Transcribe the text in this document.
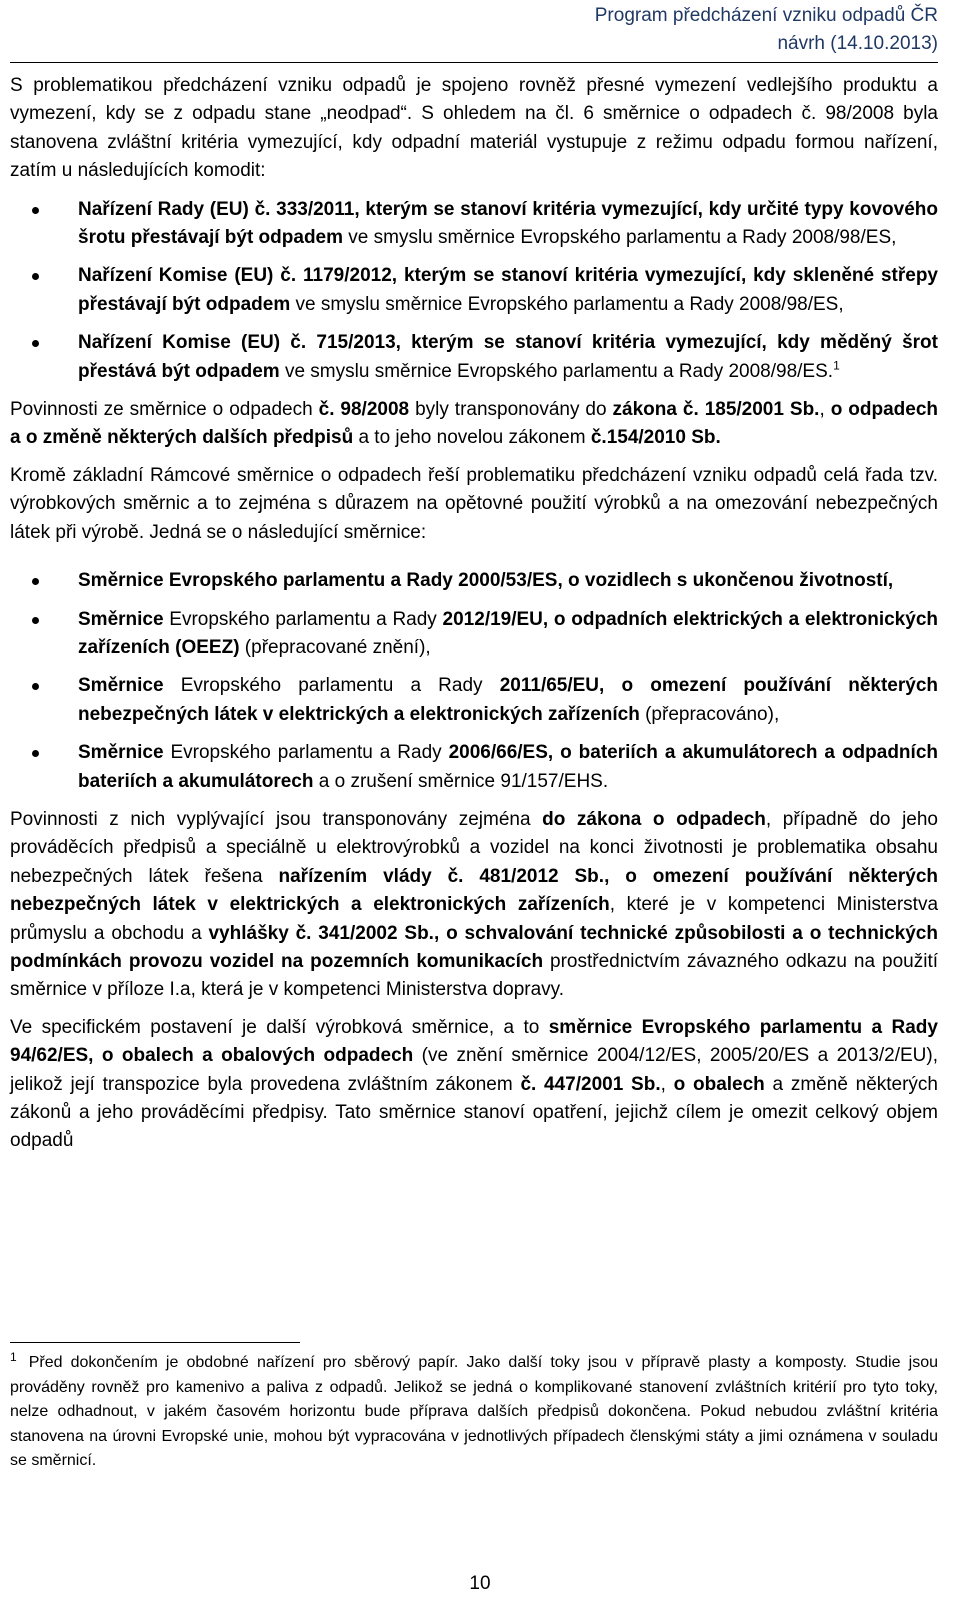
Program předcházení vzniku odpadů ČR
návrh (14.10.2013)

S problematikou předcházení vzniku odpadů je spojeno rovněž přesné vymezení vedlejšího produktu a vymezení, kdy se z odpadu stane „neodpad“. S ohledem na čl. 6 směrnice o odpadech č. 98/2008 byla stanovena zvláštní kritéria vymezující, kdy odpadní materiál vystupuje z režimu odpadu formou nařízení, zatím u následujících komodit:

Nařízení Rady (EU) č. 333/2011, kterým se stanoví kritéria vymezující, kdy určité typy kovového šrotu přestávají být odpadem ve smyslu směrnice Evropského parlamentu a Rady 2008/98/ES,
Nařízení Komise (EU) č. 1179/2012, kterým se stanoví kritéria vymezující, kdy skleněné střepy přestávají být odpadem ve smyslu směrnice Evropského parlamentu a Rady 2008/98/ES,
Nařízení Komise (EU) č. 715/2013, kterým se stanoví kritéria vymezující, kdy měděný šrot přestává být odpadem ve smyslu směrnice Evropského parlamentu a Rady 2008/98/ES.$^1$

Povinnosti ze směrnice o odpadech č. 98/2008 byly transponovány do zákona č. 185/2001 Sb., o odpadech a o změně některých dalších předpisů a to jeho novelou zákonem č.154/2010 Sb.

Kromě základní Rámcové směrnice o odpadech řeší problematiku předcházení vzniku odpadů celá řada tzv. výrobkových směrnic a to zejména s důrazem na opětovné použití výrobků a na omezování nebezpečných látek při výrobě. Jedná se o následující směrnice:

Směrnice Evropského parlamentu a Rady 2000/53/ES, o vozidlech s ukončenou životností,
Směrnice Evropského parlamentu a Rady 2012/19/EU, o odpadních elektrických a elektronických zařízeních (OEEZ) (přepracované znění),
Směrnice Evropského parlamentu a Rady 2011/65/EU, o omezení používání některých nebezpečných látek v elektrických a elektronických zařízeních (přepracováno),
Směrnice Evropského parlamentu a Rady 2006/66/ES, o bateriích a akumulátorech a odpadních bateriích a akumulátorech a o zrušení směrnice 91/157/EHS.

Povinnosti z nich vyplývající jsou transponovány zejména do zákona o odpadech, případně do jeho prováděcích předpisů a speciálně u elektrovýrobků a vozidel na konci životnosti je problematika obsahu nebezpečných látek řešena nařízením vlády č. 481/2012 Sb., o omezení používání některých nebezpečných látek v elektrických a elektronických zařízeních, které je v kompetenci Ministerstva průmyslu a obchodu a vyhlášky č. 341/2002 Sb., o schvalování technické způsobilosti a o technických podmínkách provozu vozidel na pozemních komunikacích prostřednictvím závazného odkazu na použití směrnice v příloze I.a, která je v kompetenci Ministerstva dopravy.

Ve specifickém postavení je další výrobková směrnice, a to směrnice Evropského parlamentu a Rady 94/62/ES, o obalech a obalových odpadech (ve znění směrnice 2004/12/ES, 2005/20/ES a 2013/2/EU), jelikož její transpozice byla provedena zvláštním zákonem č. 447/2001 Sb., o obalech a změně některých zákonů a jeho prováděcími předpisy. Tato směrnice stanoví opatření, jejichž cílem je omezit celkový objem odpadů

$^1$ Před dokončením je obdobné nařízení pro sběrový papír. Jako další toky jsou v přípravě plasty a komposty. Studie jsou prováděny rovněž pro kamenivo a paliva z odpadů. Jelikož se jedná o komplikované stanovení zvláštních kritérií pro tyto toky, nelze odhadnout, v jakém časovém horizontu bude příprava dalších předpisů dokončena. Pokud nebudou zvláštní kritéria stanovena na úrovni Evropské unie, mohou být vypracována v jednotlivých případech členskými státy a jimi oznámena v souladu se směrnicí.
10
